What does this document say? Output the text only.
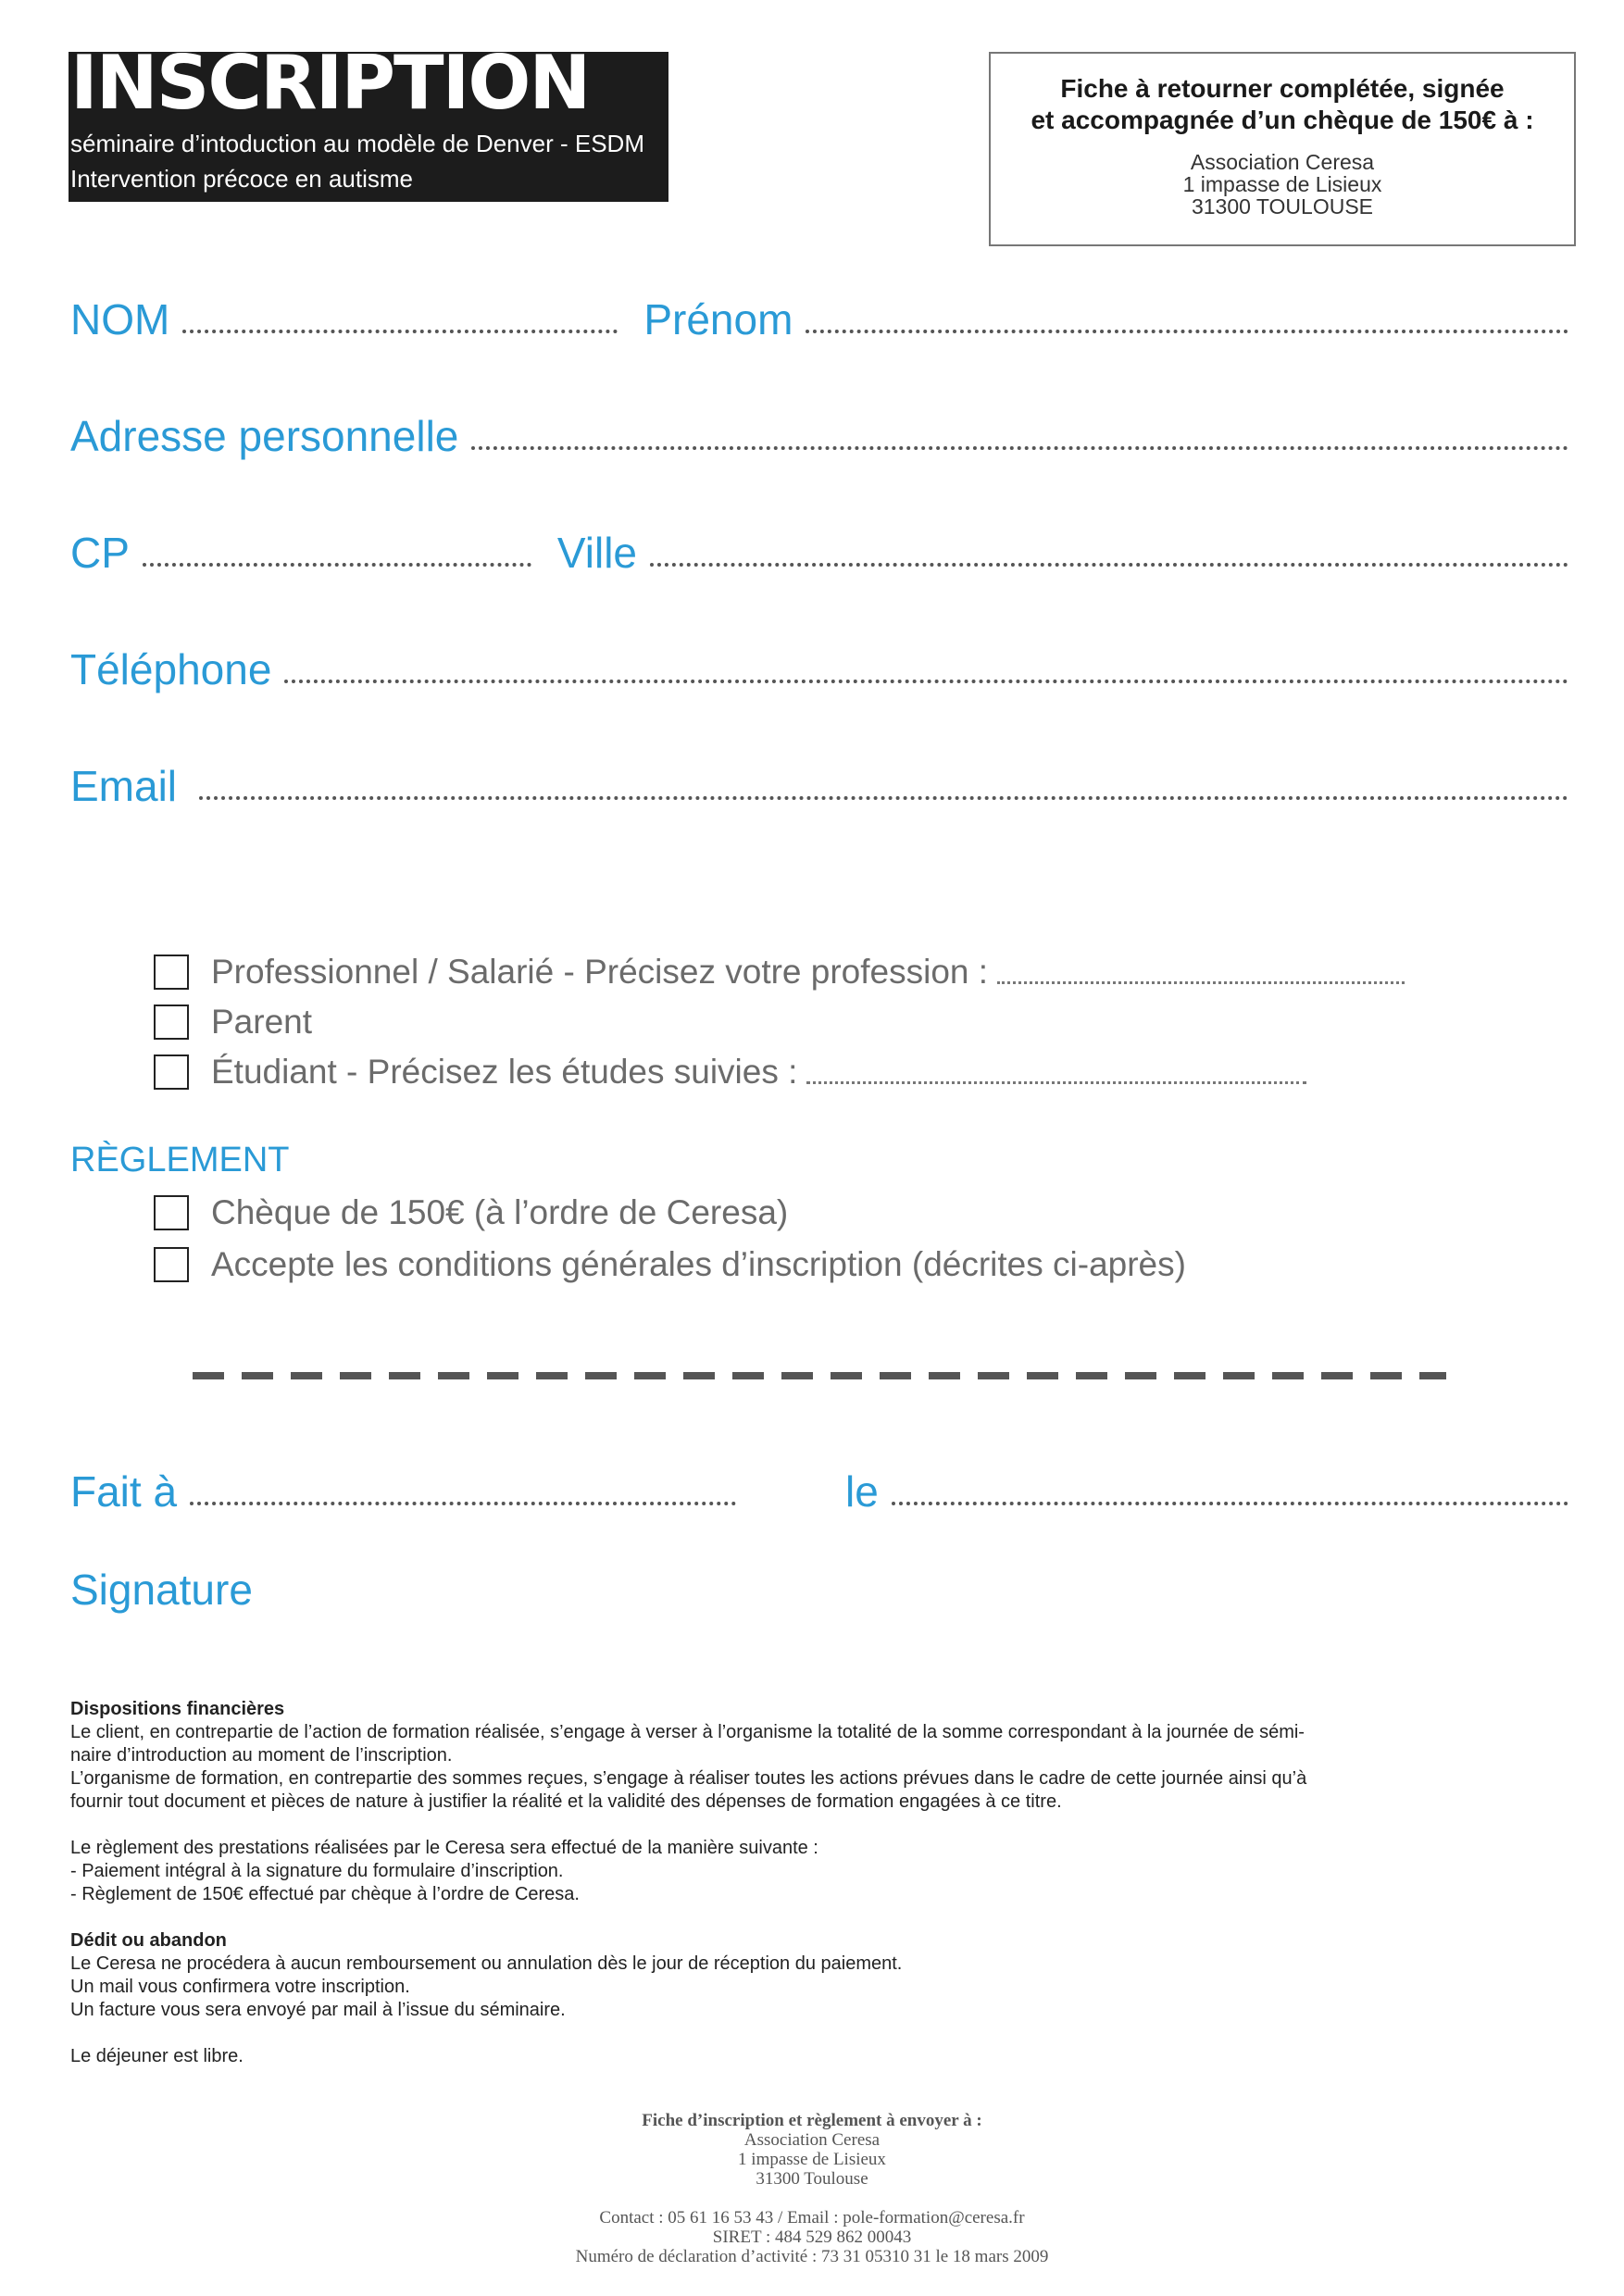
INSCRIPTION
séminaire d’intoduction au modèle de Denver - ESDM
Intervention précoce en autisme
Fiche à retourner complétée, signée
et accompagnée d’un chèque de 150€ à :
Association Ceresa
1 impasse de Lisieux
31300 TOULOUSE
NOM	Prénom
Adresse personnelle
CP	Ville
Téléphone
Email
Professionnel / Salarié - Précisez votre profession :
Parent
Étudiant - Précisez les études suivies :
RÈGLEMENT
Chèque de 150€ (à l’ordre de Ceresa)
Accepte les conditions générales d’inscription (décrites ci-après)
Fait à	le
Signature

Dispositions financières

Le client, en contrepartie de l’action de formation réalisée, s’engage à verser à l’organisme la totalité de la somme correspondant à la journée de sémi-

naire d’introduction au moment de l’inscription.

L’organisme de formation, en contrepartie des sommes reçues, s’engage à réaliser toutes les actions prévues dans le cadre de cette journée ainsi qu’à

fournir tout document et pièces de nature à justifier la réalité et la validité des dépenses de formation engagées à ce titre.

Le règlement des prestations réalisées par le Ceresa sera effectué de la manière suivante :

- Paiement intégral à la signature du formulaire d’inscription.

- Règlement de 150€ effectué par chèque à l’ordre de Ceresa.

Dédit ou abandon

Le Ceresa ne procédera à aucun remboursement ou annulation dès le jour de réception du paiement.

Un mail vous confirmera votre inscription.

Un facture vous sera envoyé par mail à l’issue du séminaire.

Le déjeuner est libre.

Fiche d’inscription et règlement à envoyer à :
Association Ceresa
1 impasse de Lisieux
31300 Toulouse
Contact : 05 61 16 53 43 / Email : pole-formation@ceresa.fr
SIRET : 484 529 862 00043
Numéro de déclaration d’activité : 73 31 05310 31 le 18 mars 2009
